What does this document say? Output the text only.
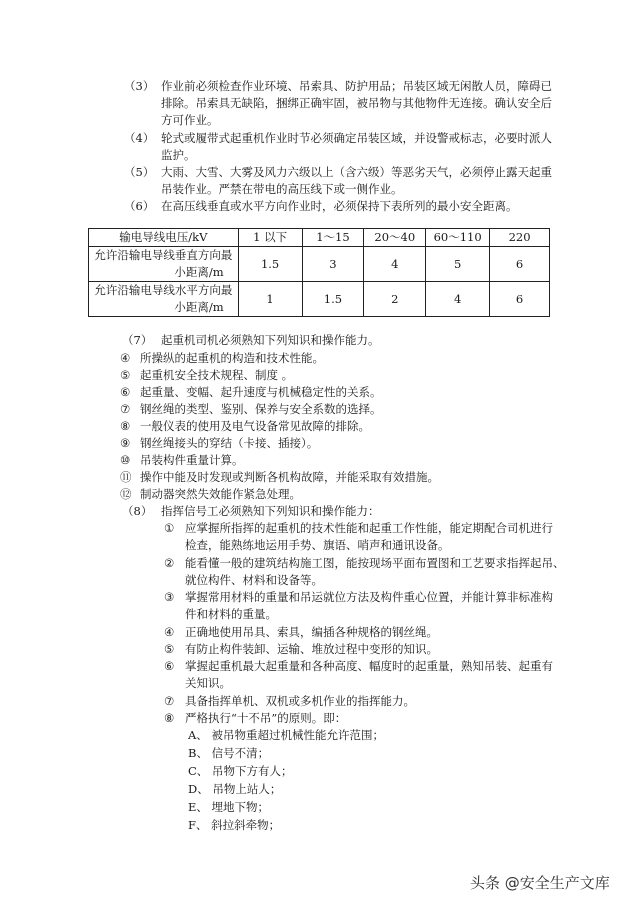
（3） 作业前必须检查作业环境、吊索具、防护用品；吊装区域无闲散人员，障碍已
排除。吊索具无缺陷，捆绑正确牢固，被吊物与其他物件无连接。确认安全后
方可作业。
（4） 轮式或履带式起重机作业时节必须确定吊装区域，并设警戒标志，必要时派人
监护。
（5） 大雨、大雪、大雾及风力六级以上（含六级）等恶劣天气，必须停止露天起重
吊装作业。严禁在带电的高压线下或一侧作业。
（6） 在高压线垂直或水平方向作业时，必须保持下表所列的最小安全距离。
输电导线电压/kV	1 以下	1～15	20～40	60～110	220

允许沿输电导线垂直方向最
小距离/m	1.5	3	4	5	6

允许沿输电导线水平方向最
小距离/m	1	1.5	2	4	6
（7） 起重机司机必须熟知下列知识和操作能力。
④ 所操纵的起重机的构造和技术性能。
⑤ 起重机安全技术规程、制度 。
⑥ 起重量、变幅、起升速度与机械稳定性的关系。
⑦ 钢丝绳的类型、鉴别、保养与安全系数的选择。
⑧ 一般仪表的使用及电气设备常见故障的排除。
⑨ 钢丝绳接头的穿结（卡接、插接）。
⑩ 吊装构件重量计算。
⑪ 操作中能及时发现或判断各机构故障，并能采取有效措施。
⑫ 制动器突然失效能作紧急处理。
（8） 指挥信号工必须熟知下列知识和操作能力：
① 应掌握所指挥的起重机的技术性能和起重工作性能，能定期配合司机进行
检查，能熟练地运用手势、旗语、哨声和通讯设备。
② 能看懂一般的建筑结构施工图，能按现场平面布置图和工艺要求指挥起吊、
就位构件、材料和设备等。
③ 掌握常用材料的重量和吊运就位方法及构件重心位置，并能计算非标准构
件和材料的重量。
④ 正确地使用吊具、索具，编插各种规格的钢丝绳。
⑤ 有防止构件装卸、运输、堆放过程中变形的知识。
⑥ 掌握起重机最大起重量和各种高度、幅度时的起重量，熟知吊装、起重有
关知识。
⑦ 具备指挥单机、双机或多机作业的指挥能力。
⑧ 严格执行“十不吊”的原则。即：
A、 被吊物重超过机械性能允许范围；
B、 信号不清；
C、 吊物下方有人；
D、 吊物上站人；
E、 埋地下物；
F、 斜拉斜牵物；
头条 @安全生产文库
